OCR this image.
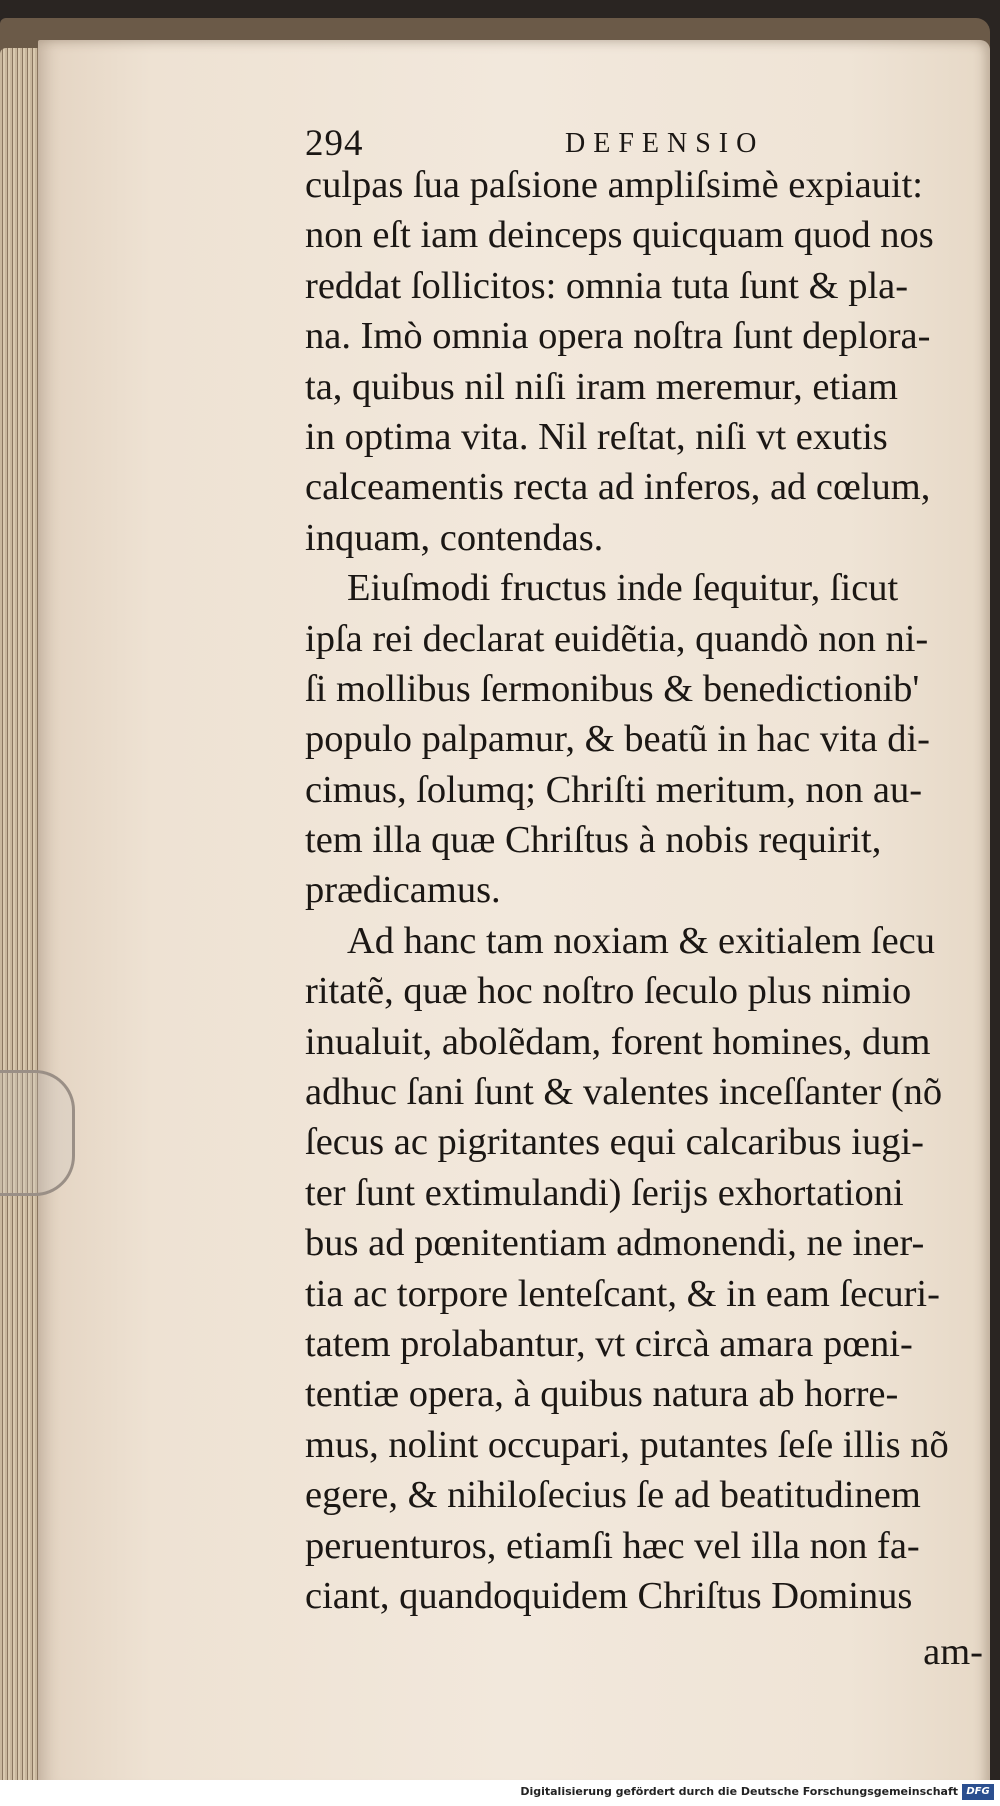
294	DEFENSIO
culpas ſua paſsione ampliſsimè expiauit:
non eſt iam deinceps quicquam quod nos
reddat ſollicitos: omnia tuta ſunt & pla-
na. Imò omnia opera noſtra ſunt deplora-
ta, quibus nil niſi iram meremur, etiam
in optima vita. Nil reſtat, niſi vt exutis
calceamentis recta ad inferos, ad cœlum,
inquam, contendas.
Eiuſmodi fructus inde ſequitur, ſicut
ipſa rei declarat euidẽtia, quandò non ni-
ſi mollibus ſermonibus & benedictionib'
populo palpamur, & beatũ in hac vita di-
cimus, ſolumq; Chriſti meritum, non au-
tem illa quæ Chriſtus à nobis requirit,
prædicamus.
Ad hanc tam noxiam & exitialem ſecu
ritatẽ, quæ hoc noſtro ſeculo plus nimio
inualuit, abolẽdam, forent homines, dum
adhuc ſani ſunt & valentes inceſſanter (nõ
ſecus ac pigritantes equi calcaribus iugi-
ter ſunt extimulandi) ſerijs exhortationi
bus ad pœnitentiam admonendi, ne iner-
tia ac torpore lenteſcant, & in eam ſecuri-
tatem prolabantur, vt circà amara pœni-
tentiæ opera, à quibus natura ab horre-
mus, nolint occupari, putantes ſeſe illis nõ
egere, & nihiloſecius ſe ad beatitudinem
peruenturos, etiamſi hæc vel illa non fa-
ciant, quandoquidem Chriſtus Dominus
am-
Digitalisierung gefördert durch die Deutsche Forschungsgemeinschaft DFG
